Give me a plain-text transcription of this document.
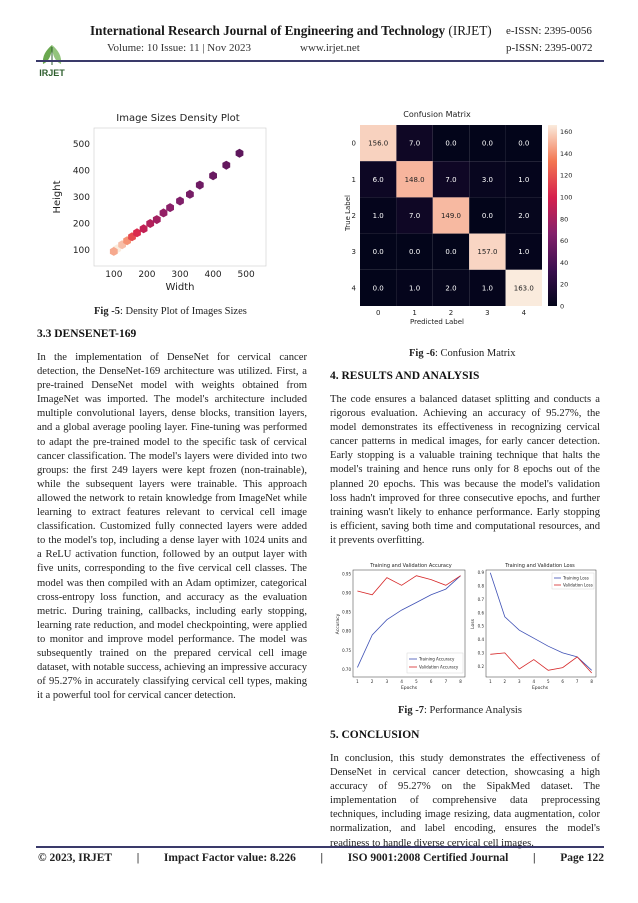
IRJET
International Research Journal of Engineering and Technology (IRJET) e-ISSN: 2395-0056
Volume: 10 Issue: 11 | Nov 2023	www.irjet.net	p-ISSN: 2395-0072
Image Sizes Density Plot
100 200 300 400 500
100
200
300
400
500
Width
Height
Fig -5: Density Plot of Images Sizes
Confusion Matrix
156.0	7.0	0.0	0.0	0.0
6.0	148.0	7.0	3.0	1.0
1.0	7.0	149.0	0.0	2.0
0.0	0.0	0.0	157.0	1.0
0.0	1.0	2.0	1.0	163.0
0	1	2	3	4
0
1
2
3
4
Predicted Label
True Label
0
20
40
60
80
100
120
140
160
Fig -6: Confusion Matrix
3.3 DENSENET-169

In the implementation of DenseNet for cervical cancer detection, the DenseNet-169 architecture was utilized. First, a pre-trained DenseNet model with weights obtained from ImageNet was imported. The model's architecture included multiple convolutional layers, dense blocks, transition layers, and a global average pooling layer. Fine-tuning was performed to adapt the pre-trained model to the specific task of cervical cancer classification. The model's layers were divided into two groups: the first 249 layers were kept frozen (non-trainable), while the subsequent layers were trainable. This approach allowed the network to retain knowledge from ImageNet while learning to extract features relevant to cervical cell image classification. Customized fully connected layers were added to the model's top, including a dense layer with 1024 units and a ReLU activation function, followed by an output layer with five units, corresponding to the five cervical cell classes. The model was then compiled with an Adam optimizer, categorical cross-entropy loss function, and accuracy as the evaluation metric. During training, callbacks, including early stopping, learning rate reduction, and model checkpointing, were applied to monitor and improve model performance. The model was subsequently trained on the prepared cervical cell image dataset, with notable success, achieving an impressive accuracy of 95.27% in accurately classifying cervical cell types, making it a powerful tool for cervical cancer detection.

4. RESULTS AND ANALYSIS

The code ensures a balanced dataset splitting and conducts a rigorous evaluation. Achieving an accuracy of 95.27%, the model demonstrates its effectiveness in recognizing cervical cancer patterns in medical images, for early cancer detection. Early stopping is a valuable training technique that halts the model's training and hence runs only for 8 epochs out of the planned 20 epochs. This was because the model's validation loss hadn't improved for three consecutive epochs, and further training wasn't likely to enhance performance. Early stopping is efficient, saving both time and computational resources, and it prevents overfitting.

Training and Validation Accuracy
1	2	3	4	5	6	7	8
0.70
0.75
0.80
0.85
0.90
0.95
Training Accuracy
Validation Accuracy
Epochs
Accuracy
Training and Validation Loss
1	2	3	4	5	6	7	8
0.2
0.3
0.4
0.5
0.6
0.7
0.8
0.9
Training Loss
Validation Loss
Epochs
Loss
Fig -7: Performance Analysis
5. CONCLUSION

In conclusion, this study demonstrates the effectiveness of DenseNet in cervical cancer detection, showcasing a high accuracy of 95.27% on the SipakMed dataset. The implementation of comprehensive data preprocessing techniques, including image resizing, data augmentation, color normalization, and label encoding, ensures the model's readiness to handle diverse cervical cell images.

© 2023, IRJET | Impact Factor value: 8.226 | ISO 9001:2008 Certified Journal | Page 122
